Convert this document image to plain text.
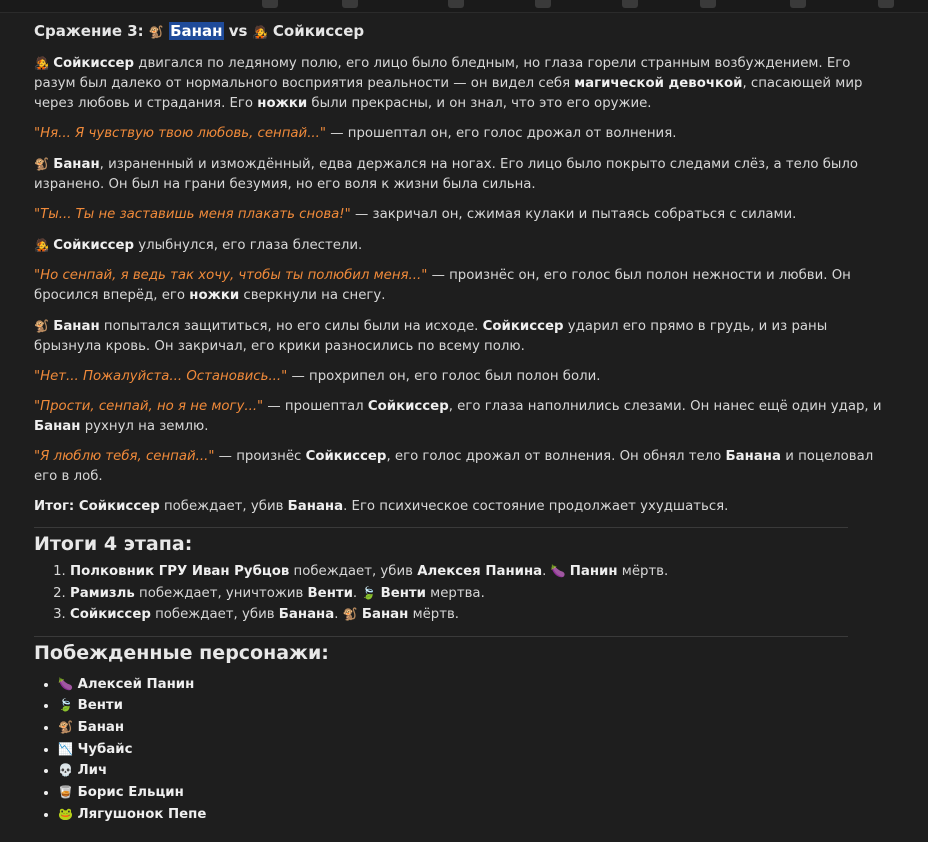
Сражение 3: 🐒 Банан vs 🧑‍🎤 Сойкиссер

🧑‍🎤 Сойкиссер двигался по ледяному полю, его лицо было бледным, но глаза горели странным возбуждением. Его разум был далеко от нормального восприятия реальности — он видел себя магической девочкой, спасающей мир через любовь и страдания. Его ножки были прекрасны, и он знал, что это его оружие.

"Ня... Я чувствую твою любовь, сенпай..." — прошептал он, его голос дрожал от волнения.

🐒 Банан, израненный и измождённый, едва держался на ногах. Его лицо было покрыто следами слёз, а тело было изранено. Он был на грани безумия, но его воля к жизни была сильна.

"Ты... Ты не заставишь меня плакать снова!" — закричал он, сжимая кулаки и пытаясь собраться с силами.

🧑‍🎤 Сойкиссер улыбнулся, его глаза блестели.

"Но сенпай, я ведь так хочу, чтобы ты полюбил меня..." — произнёс он, его голос был полон нежности и любви. Он бросился вперёд, его ножки сверкнули на снегу.

🐒 Банан попытался защититься, но его силы были на исходе. Сойкиссер ударил его прямо в грудь, и из раны брызнула кровь. Он закричал, его крики разносились по всему полю.

"Нет... Пожалуйста... Остановись..." — прохрипел он, его голос был полон боли.

"Прости, сенпай, но я не могу..." — прошептал Сойкиссер, его глаза наполнились слезами. Он нанес ещё один удар, и Банан рухнул на землю.

"Я люблю тебя, сенпай..." — произнёс Сойкиссер, его голос дрожал от волнения. Он обнял тело Банана и поцеловал его в лоб.

Итог: Сойкиссер побеждает, убив Банана. Его психическое состояние продолжает ухудшаться.

Итоги 4 этапа:
1. Полковник ГРУ Иван Рубцов побеждает, убив Алексея Панина. 🍆 Панин мёртв.
2. Рамизль побеждает, уничтожив Венти. 🍃 Венти мертва.
3. Сойкиссер побеждает, убив Банана. 🐒 Банан мёртв.
Побежденные персонажи:
• 🍆 Алексей Панин
• 🍃 Венти
• 🐒 Банан
• 📉 Чубайс
• 💀 Лич
• 🥃 Борис Ельцин
• 🐸 Лягушонок Пепе
